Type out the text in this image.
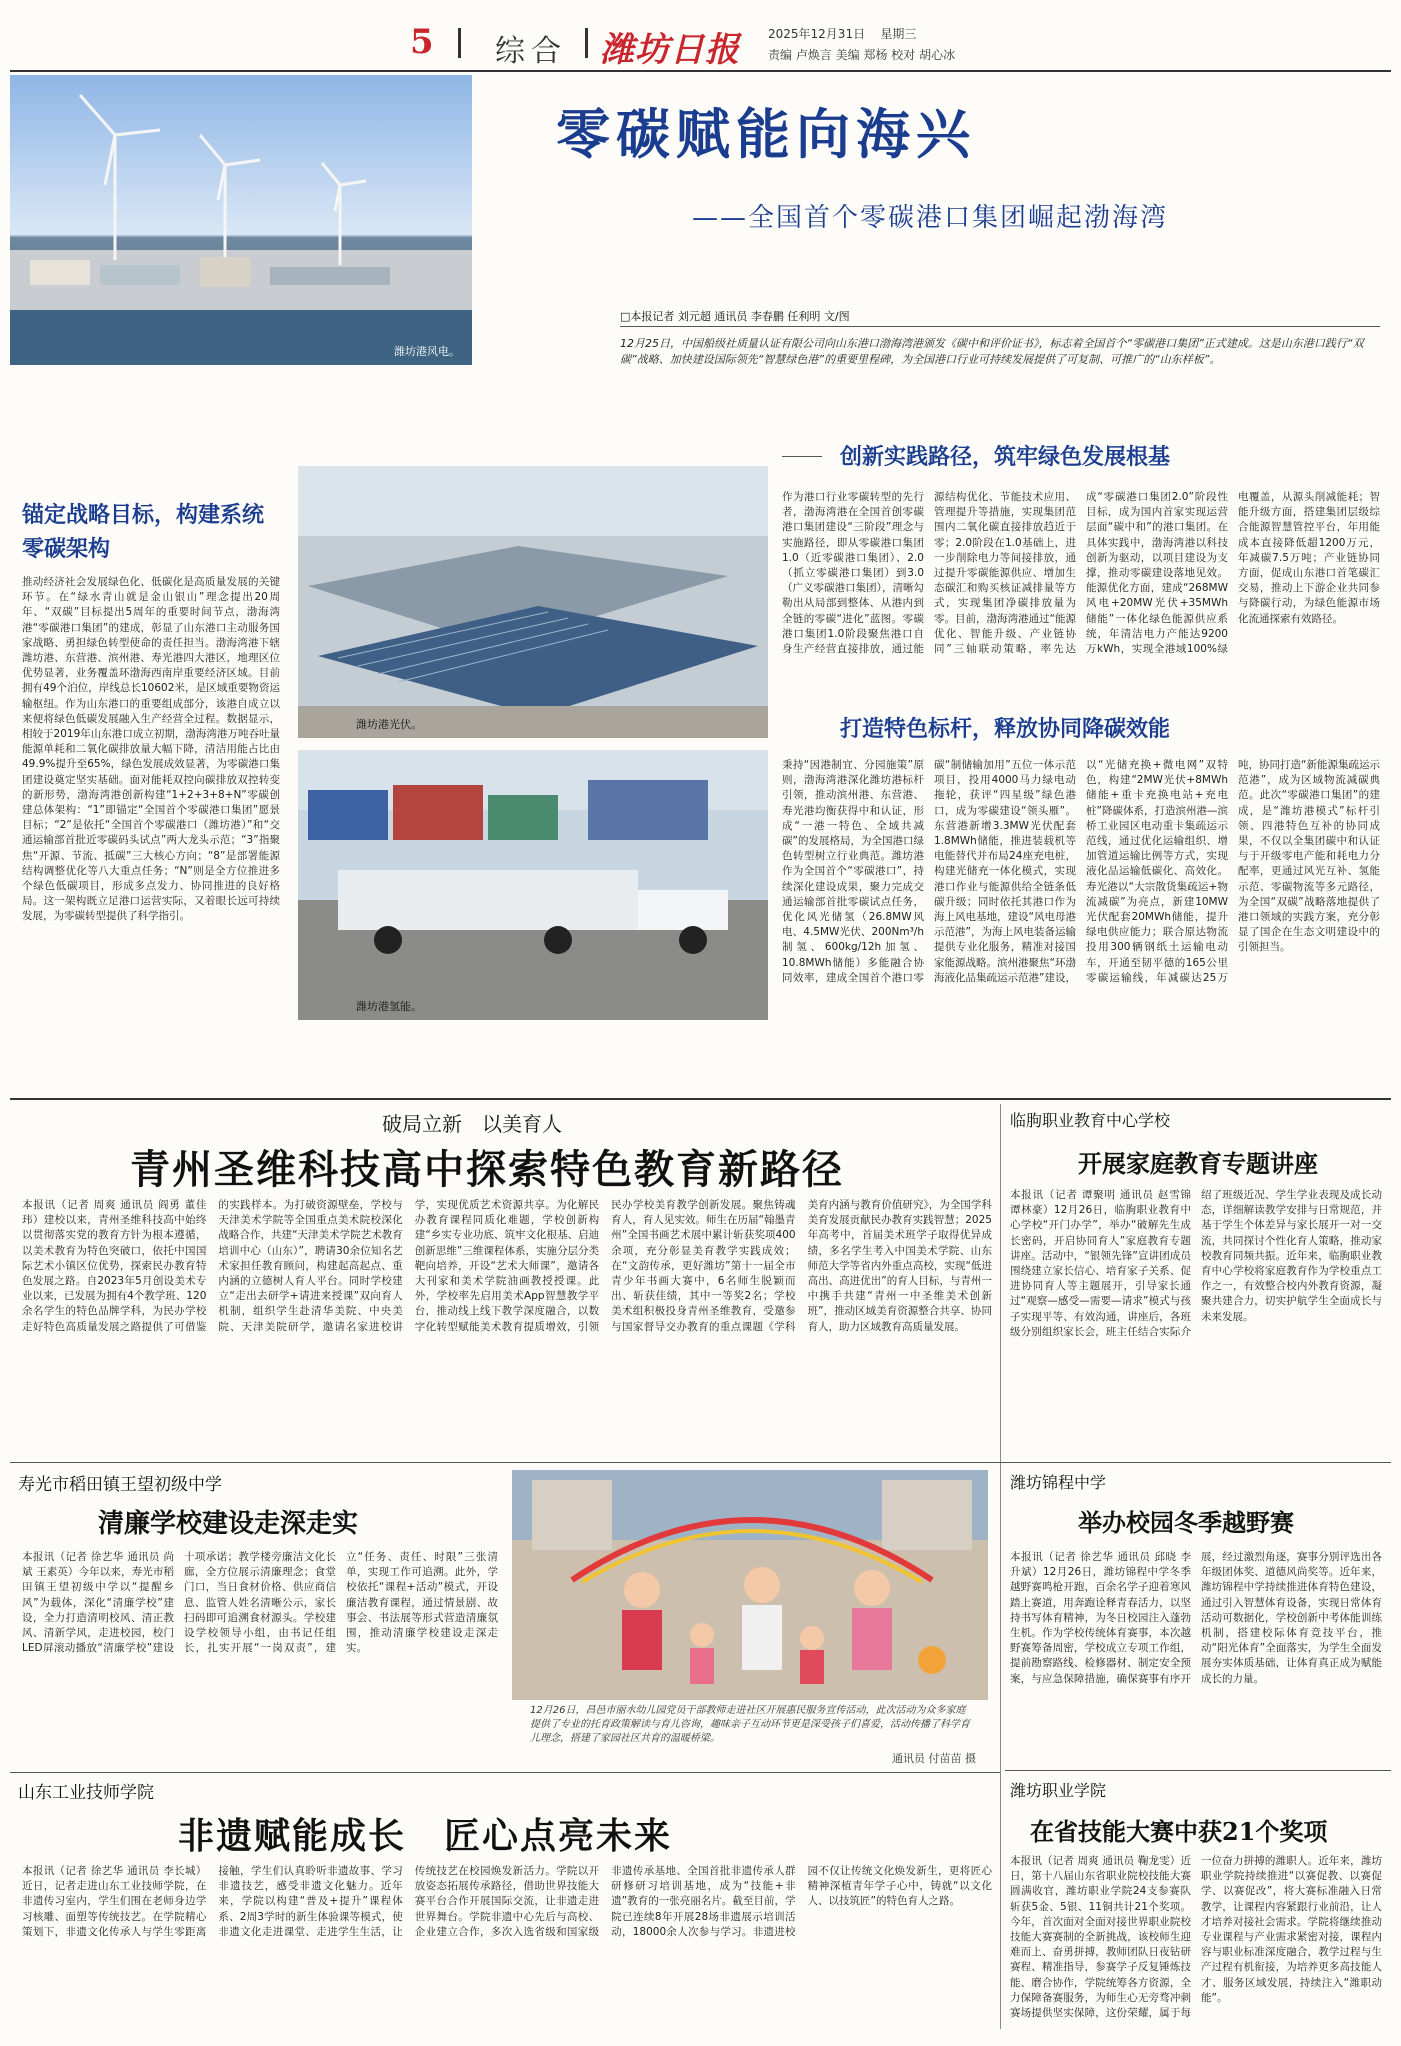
5 综合 潍坊日报 2025年12月31日 星期三
责编 卢焕言 美编 郑杨 校对 胡心冰
潍坊港风电。
零碳赋能向海兴
——全国首个零碳港口集团崛起渤海湾
□本报记者 刘元超 通讯员 李春鹏 任利明 文/图
12月25日，中国船级社质量认证有限公司向山东港口渤海湾港颁发《碳中和评价证书》，标志着全国首个“零碳港口集团”正式建成。这是山东港口践行“双碳”战略、加快建设国际领先“智慧绿色港”的重要里程碑，为全国港口行业可持续发展提供了可复制、可推广的“山东样板”。
锚定战略目标，构建系统零碳架构
推动经济社会发展绿色化、低碳化是高质量发展的关键环节。在“绿水青山就是金山银山”理念提出20周年、“双碳”目标提出5周年的重要时间节点，渤海湾港“零碳港口集团”的建成，彰显了山东港口主动服务国家战略、勇担绿色转型使命的责任担当。渤海湾港下辖潍坊港、东营港、滨州港、寿光港四大港区，地理区位优势显著，业务覆盖环渤海西南岸重要经济区域。目前拥有49个泊位，岸线总长10602米，是区域重要物资运输枢纽。作为山东港口的重要组成部分，该港自成立以来便将绿色低碳发展融入生产经营全过程。数据显示，相较于2019年山东港口成立初期，渤海湾港万吨吞吐量能源单耗和二氧化碳排放量大幅下降，清洁用能占比由49.9%提升至65%，绿色发展成效显著，为零碳港口集团建设奠定坚实基础。面对能耗双控向碳排放双控转变的新形势，渤海湾港创新构建“1+2+3+8+N”零碳创建总体架构：“1”即锚定“全国首个零碳港口集团”愿景目标；“2”是依托“全国首个零碳港口（潍坊港）”和“交通运输部首批近零碳码头试点”两大龙头示范；“3”指聚焦“开源、节流、抵碳”三大核心方向；“8”是部署能源结构调整优化等八大重点任务；“N”则是全方位推进多个绿色低碳项目，形成多点发力、协同推进的良好格局。这一架构既立足港口运营实际，又着眼长远可持续发展，为零碳转型提供了科学指引。
潍坊港光伏。
潍坊港氢能。
创新实践路径，筑牢绿色发展根基
作为港口行业零碳转型的先行者，渤海湾港在全国首创零碳港口集团建设“三阶段”理念与实施路径，即从零碳港口集团1.0（近零碳港口集团）、2.0（抓立零碳港口集团）到3.0（广义零碳港口集团），清晰勾勒出从局部到整体、从港内到全链的零碳“进化”蓝图。零碳港口集团1.0阶段聚焦港口自身生产经营直接排放，通过能源结构优化、节能技术应用、管理提升等措施，实现集团范围内二氧化碳直接排放趋近于零；2.0阶段在1.0基础上，进一步削除电力等间接排放，通过提升零碳能源供应、增加生态碳汇和购买核证减排量等方式，实现集团净碳排放量为零。目前，渤海湾港通过“能源优化、智能升级、产业链协同”三轴联动策略，率先达成“零碳港口集团2.0”阶段性目标，成为国内首家实现运营层面“碳中和”的港口集团。在具体实践中，渤海湾港以科技创新为驱动，以项目建设为支撑，推动零碳建设落地见效。能源优化方面，建成“268MW风电+20MW光伏+35MWh储能”一体化绿色能源供应系统，年清洁电力产能达9200万kWh，实现全港域100%绿电覆盖，从源头削减能耗；智能升级方面，搭建集团层级综合能源智慧管控平台，年用能成本直接降低超1200万元，年减碳7.5万吨；产业链协同方面，促成山东港口首笔碳汇交易，推动上下游企业共同参与降碳行动，为绿色能源市场化流通探索有效路径。
打造特色标杆，释放协同降碳效能
秉持“因港制宜、分园施策”原则，渤海湾港深化潍坊港标杆引领，推动滨州港、东营港、寿光港均衡获得中和认证，形成“一港一特色、全域共减碳”的发展格局，为全国港口绿色转型树立行业典范。潍坊港作为全国首个“零碳港口”，持续深化建设成果，聚力完成交通运输部首批零碳试点任务，优化风光储氢（26.8MW风电、4.5MW光伏、200Nm³/h制氢、600kg/12h加氢、10.8MWh储能）多能融合协同效率，建成全国首个港口零碳“制储输加用”五位一体示范项目，投用4000马力绿电动拖轮，获评“四星级”绿色港口，成为零碳建设“领头雁”。东营港新增3.3MW光伏配套1.8MWh储能，推进装载机等电能替代并布局24座充电桩，构建光储充一体化模式，实现港口作业与能源供给全链条低碳升级；同时依托其港口作为海上风电基地，建设“风电母港示范港”，为海上风电装备运输提供专业化服务，精准对接国家能源战略。滨州港聚焦“环渤海液化品集疏运示范港”建设，以“光储充换+微电网”双特色，构建“2MW光伏+8MWh储能+重卡充换电站+充电桩”降碳体系，打造滨州港—滨桥工业园区电动重卡集疏运示范线，通过优化运输组织、增加管道运输比例等方式，实现液化品运输低碳化、高效化。寿光港以“大宗散货集疏运+物流减碳”为亮点，新建10MW光伏配套20MWh储能，提升绿电供应能力；联合原达物流投用300辆钢纸土运输电动车，开通至韧平德的165公里零碳运输线，年减碳达25万吨，协同打造“新能源集疏运示范港”，成为区域物流减碳典范。此次“零碳港口集团”的建成，是“潍坊港模式”标杆引领、四港特色互补的协同成果，不仅以全集团碳中和认证与于开级零电产能和耗电力分配率，更通过风光互补、氢能示范、零碳物流等多元路径，为全国“双碳”战略落地提供了港口领域的实践方案，充分彰显了国企在生态文明建设中的引领担当。
破局立新　以美育人
青州圣维科技高中探索特色教育新路径
本报讯（记者 周爽 通讯员 阎勇 董佳玮）建校以来，青州圣维科技高中始终以贯彻落实党的教育方针为根本遵循，以美术教育为特色突破口，依托中国国际艺术小镇区位优势，探索民办教育特色发展之路。自2023年5月创设美术专业以来，已发展为拥有4个教学班、120余名学生的特色品牌学科，为民办学校走好特色高质量发展之路提供了可借鉴的实践样本。为打破资源壁垒，学校与天津美术学院等全国重点美术院校深化战略合作，共建“天津美术学院艺术教育培训中心（山东）”，聘请30余位知名艺术家担任教育顾问，构建起高起点、重内涵的立德树人育人平台。同时学校建立“走出去研学+请进来授课”双向育人机制，组织学生赴清华美院、中央美院、天津美院研学，邀请名家进校讲学，实现优质艺术资源共享。为化解民办教育课程同质化难题，学校创新构建“乡实专业功底、筑牢文化根基、启迪创新思维”三维课程体系，实施分层分类靶向培养，开设“艺术大师课”，邀请各大刊家和美术学院油画教授授课。此外，学校率先启用美术App智慧教学平台，推动线上线下教学深度融合，以数字化转型赋能美术教育提质增效，引领民办学校美育教学创新发展。聚焦铸魂育人，育人见实效。师生在历届“翰墨青州”全国书画艺术展中累计斩获奖项400余项，充分彰显美育教学实践成效；在“文韵传承，更好潍坊”第十一届全市青少年书画大赛中，6名师生脱颖而出、斩获佳绩，其中一等奖2名；学校美术组积极投身青州圣维教育，受邀参与国家督导交办教育的重点课题《学科美育内涵与教育价值研究》，为全国学科美育发展贡献民办教育实践智慧；2025年高考中，首届美术班学子取得优异成绩，多名学生考入中国美术学院、山东师范大学等省内外重点高校，实现“低进高出、高进优出”的育人目标，与青州一中携手共建“青州一中圣维美术创新班”，推动区域美育资源整合共享、协同育人，助力区域教育高质量发展。
临朐职业教育中心学校
开展家庭教育专题讲座
本报讯（记者 谭聚明 通讯员 赵雪锦 谭林豪）12月26日，临朐职业教育中心学校“开门办学”，举办“破解先生成长密码，开启协同育人”家庭教育专题讲座。活动中，“银领先锋”宣讲团成员围绕建立家长信心、培育家子关系、促进协同育人等主题展开，引导家长通过“观察—感受—需要—请求”模式与孩子实现平等、有效沟通，讲座后，各班级分别组织家长会，班主任结合实际介绍了班级近况、学生学业表现及成长动态，详细解读教学安排与日常规范，并基于学生个体差异与家长展开一对一交流，共同探讨个性化育人策略，推动家校教育同频共振。近年来，临朐职业教育中心学校将家庭教育作为学校重点工作之一，有效整合校内外教育资源，凝聚共建合力，切实护航学生全面成长与未来发展。
寿光市稻田镇王望初级中学
清廉学校建设走深走实
本报讯（记者 徐艺华 通讯员 尚斌 王素英）今年以来，寿光市稻田镇王望初级中学以“提醒乡风”为载体，深化“清廉学校”建设，全力打造清明校风、清正教风、清新学风，走进校园，校门LED屏滚动播放“清廉学校”建设十项承诺；教学楼旁廉洁文化长廊，全方位展示清廉理念；食堂门口，当日食材价格、供应商信息、监管人姓名清晰公示，家长扫码即可追溯食材源头。学校建设学校领导小组，由书记任组长，扎实开展“一岗双责”，建立“任务、责任、时限”三张清单，实现工作可追溯。此外，学校依托“课程+活动”模式，开设廉洁教育课程，通过情景剧、故事会、书法展等形式营造清廉氛围，推动清廉学校建设走深走实。
12月26日，昌邑市丽水幼儿园党员干部教师走进社区开展惠民服务宣传活动，此次活动为众多家庭提供了专业的托育政策解读与育儿咨询，趣味亲子互动环节更是深受孩子们喜爱，活动传播了科学育儿理念，搭建了家园社区共育的温暖桥梁。
通讯员 付苗苗 摄
潍坊锦程中学
举办校园冬季越野赛
本报讯（记者 徐艺华 通讯员 邱晓 李升斌）12月26日，潍坊锦程中学冬季越野赛鸣枪开跑，百余名学子迎着寒风踏上赛道，用奔跑诠释青春活力，以坚持书写体育精神，为冬日校园注入蓬勃生机。作为学校传统体育赛事，本次越野赛筹备周密，学校成立专项工作组，提前勘察路线、检修器材、制定安全预案，与应急保障措施，确保赛事有序开展，经过激烈角逐，赛事分别评选出各年级团体奖、道德风尚奖等。近年来，潍坊锦程中学持续推进体育特色建设，通过引入智慧体育设备，实现日常体育活动可数据化，学校创新中考体能训练机制，搭建校际体育竞技平台，推动“阳光体育”全面落实，为学生全面发展夯实体质基础，让体育真正成为赋能成长的力量。
潍坊职业学院
在省技能大赛中获21个奖项
本报讯（记者 周爽 通讯员 鞠龙雯）近日，第十八届山东省职业院校技能大赛圆满收官，潍坊职业学院24支参赛队斩获5金、5银、11铜共计21个奖项。今年，首次面对全面对接世界职业院校技能大赛赛制的全新挑战，该校师生迎难而上、奋勇拼搏，教师团队日夜钻研赛程、精准指导，参赛学子反复锤炼技能、磨合协作，学院统筹各方资源，全力保障备赛服务，为师生心无旁骛冲刺赛场提供坚实保障，这份荣耀，属于每一位奋力拼搏的潍职人。近年来，潍坊职业学院持续推进“以赛促教、以赛促学、以赛促改”，将大赛标准融入日常教学，让课程内容紧跟行业前沿，让人才培养对接社会需求。学院将继续推动专业课程与产业需求紧密对接，课程内容与职业标准深度融合，教学过程与生产过程有机衔接，为培养更多高技能人才、服务区域发展，持续注入“潍职动能”。
山东工业技师学院
非遗赋能成长　匠心点亮未来
本报讯（记者 徐艺华 通讯员 李长城）近日，记者走进山东工业技师学院，在非遗传习室内，学生们围在老师身边学习核雕、面塑等传统技艺。在学院精心策划下，非遗文化传承人与学生零距离接触，学生们认真聆听非遗故事、学习非遗技艺，感受非遗文化魅力。近年来，学院以构建“普及+提升”课程体系、2周3学时的新生体验课等模式，使非遗文化走进课堂、走进学生生活，让传统技艺在校园焕发新活力。学院以开放姿态拓展传承路径，借助世界技能大赛平台合作开展国际交流，让非遗走进世界舞台。学院非遗中心先后与高校、企业建立合作，多次入选省级和国家级非遗传承基地、全国首批非遗传承人群研修研习培训基地，成为“技能+非遗”教育的一张亮丽名片。截至目前，学院已连续8年开展28场非遗展示培训活动，18000余人次参与学习。非遗进校园不仅让传统文化焕发新生，更将匠心精神深植青年学子心中，铸就“以文化人、以技筑匠”的特色育人之路。
